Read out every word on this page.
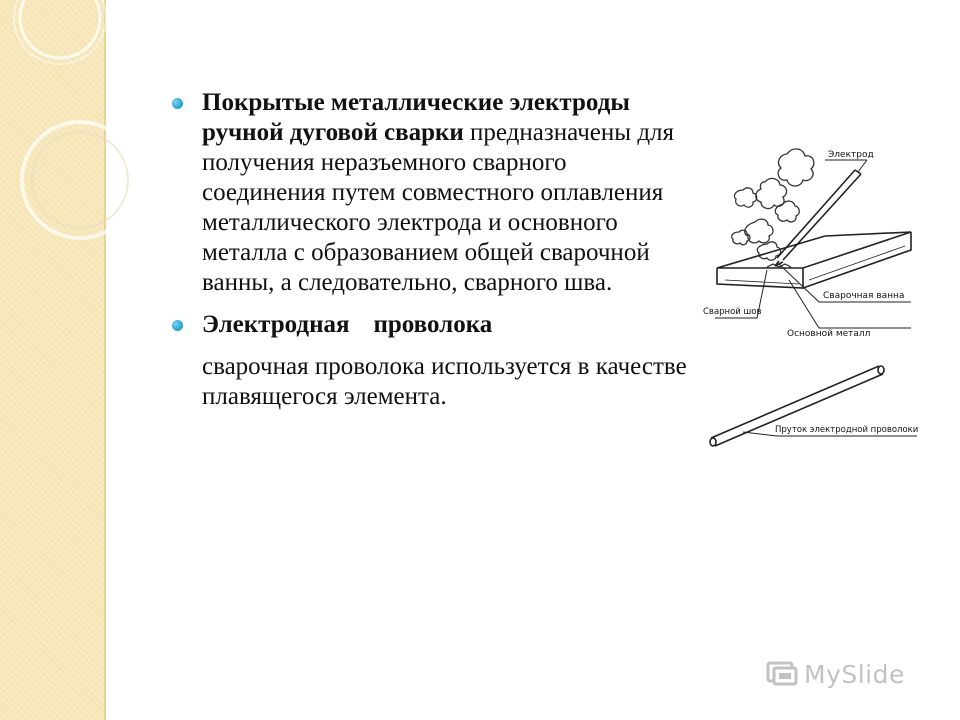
Покрытые металлические электроды ручной дуговой сварки предназначены для получения неразъемного сварного соединения путем совместного оплавления металлического электрода и основного металла с образованием общей сварочной ванны, а следовательно, сварного шва.

Электродная проволока

сварочная проволока используется в качестве плавящегося элемента.

Электрод
Сварочная ванна
Сварной шов
Основной металл
Пруток электродной проволоки
MySlide
